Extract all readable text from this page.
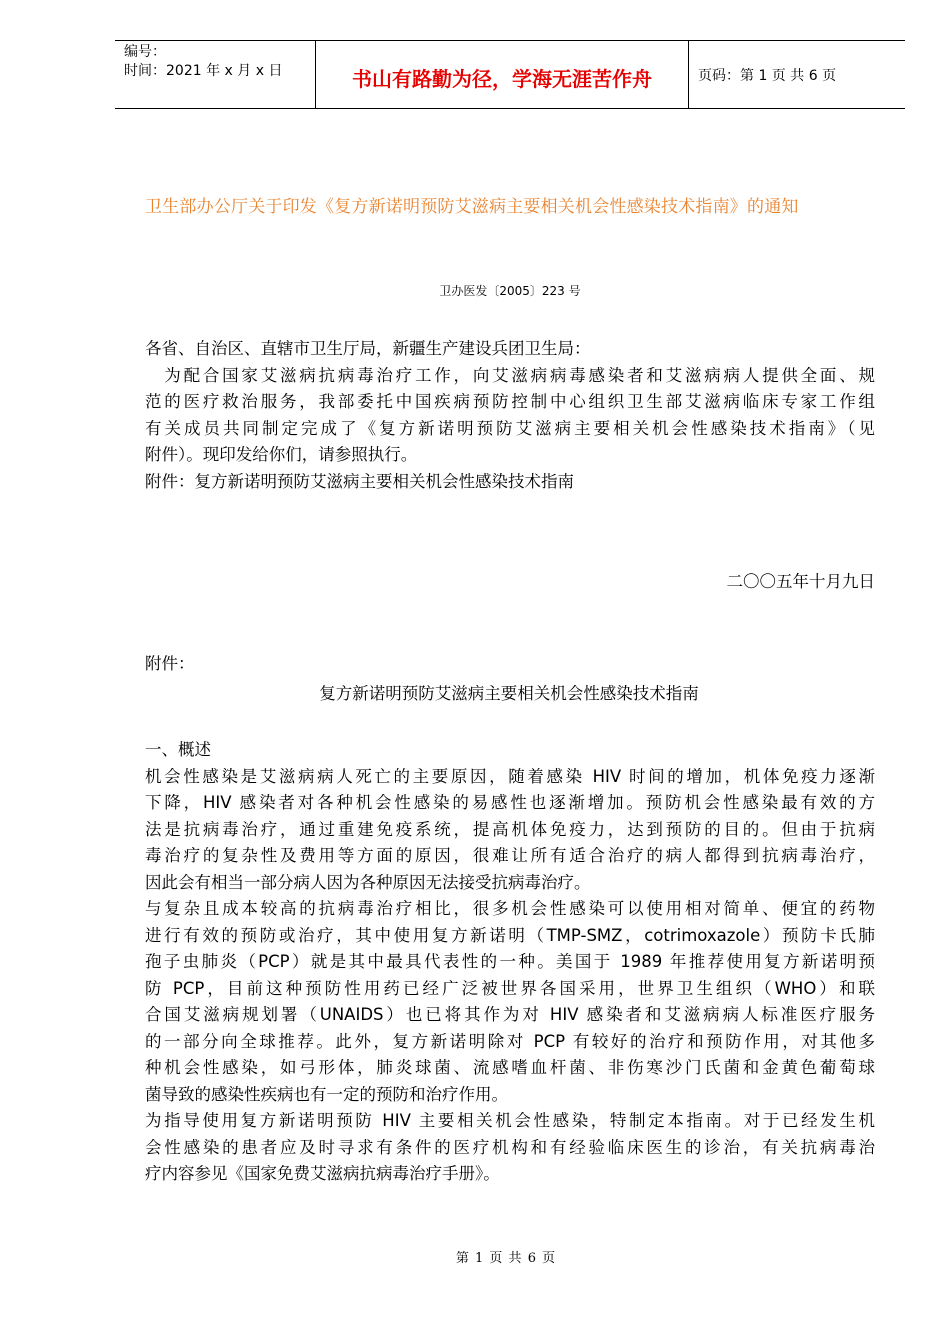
编号：
时间：2021 年 x 月 x 日	书山有路勤为径，学海无涯苦作舟	页码：第 1 页 共 6 页
卫生部办公厅关于印发《复方新诺明预防艾滋病主要相关机会性感染技术指南》的通知
卫办医发〔2005〕223 号
各省、自治区、直辖市卫生厅局，新疆生产建设兵团卫生局：
　为配合国家艾滋病抗病毒治疗工作，向艾滋病病毒感染者和艾滋病病人提供全面、规
范的医疗救治服务，我部委托中国疾病预防控制中心组织卫生部艾滋病临床专家工作组
有关成员共同制定完成了《复方新诺明预防艾滋病主要相关机会性感染技术指南》（见
附件）。现印发给你们，请参照执行。
附件：复方新诺明预防艾滋病主要相关机会性感染技术指南
二〇〇五年十月九日
附件：
复方新诺明预防艾滋病主要相关机会性感染技术指南
一、概述
机会性感染是艾滋病病人死亡的主要原因，随着感染 HIV 时间的增加，机体免疫力逐渐
下降，HIV 感染者对各种机会性感染的易感性也逐渐增加。预防机会性感染最有效的方
法是抗病毒治疗，通过重建免疫系统，提高机体免疫力，达到预防的目的。但由于抗病
毒治疗的复杂性及费用等方面的原因，很难让所有适合治疗的病人都得到抗病毒治疗，
因此会有相当一部分病人因为各种原因无法接受抗病毒治疗。
与复杂且成本较高的抗病毒治疗相比，很多机会性感染可以使用相对简单、便宜的药物
进行有效的预防或治疗，其中使用复方新诺明（TMP-SMZ，cotrimoxazole）预防卡氏肺
孢子虫肺炎（PCP）就是其中最具代表性的一种。美国于 1989 年推荐使用复方新诺明预
防 PCP，目前这种预防性用药已经广泛被世界各国采用，世界卫生组织（WHO）和联
合国艾滋病规划署（UNAIDS）也已将其作为对 HIV 感染者和艾滋病病人标准医疗服务
的一部分向全球推荐。此外，复方新诺明除对 PCP 有较好的治疗和预防作用，对其他多
种机会性感染，如弓形体，肺炎球菌、流感嗜血杆菌、非伤寒沙门氏菌和金黄色葡萄球
菌导致的感染性疾病也有一定的预防和治疗作用。
为指导使用复方新诺明预防 HIV 主要相关机会性感染，特制定本指南。对于已经发生机
会性感染的患者应及时寻求有条件的医疗机构和有经验临床医生的诊治，有关抗病毒治
疗内容参见《国家免费艾滋病抗病毒治疗手册》。
第 1 页 共 6 页
